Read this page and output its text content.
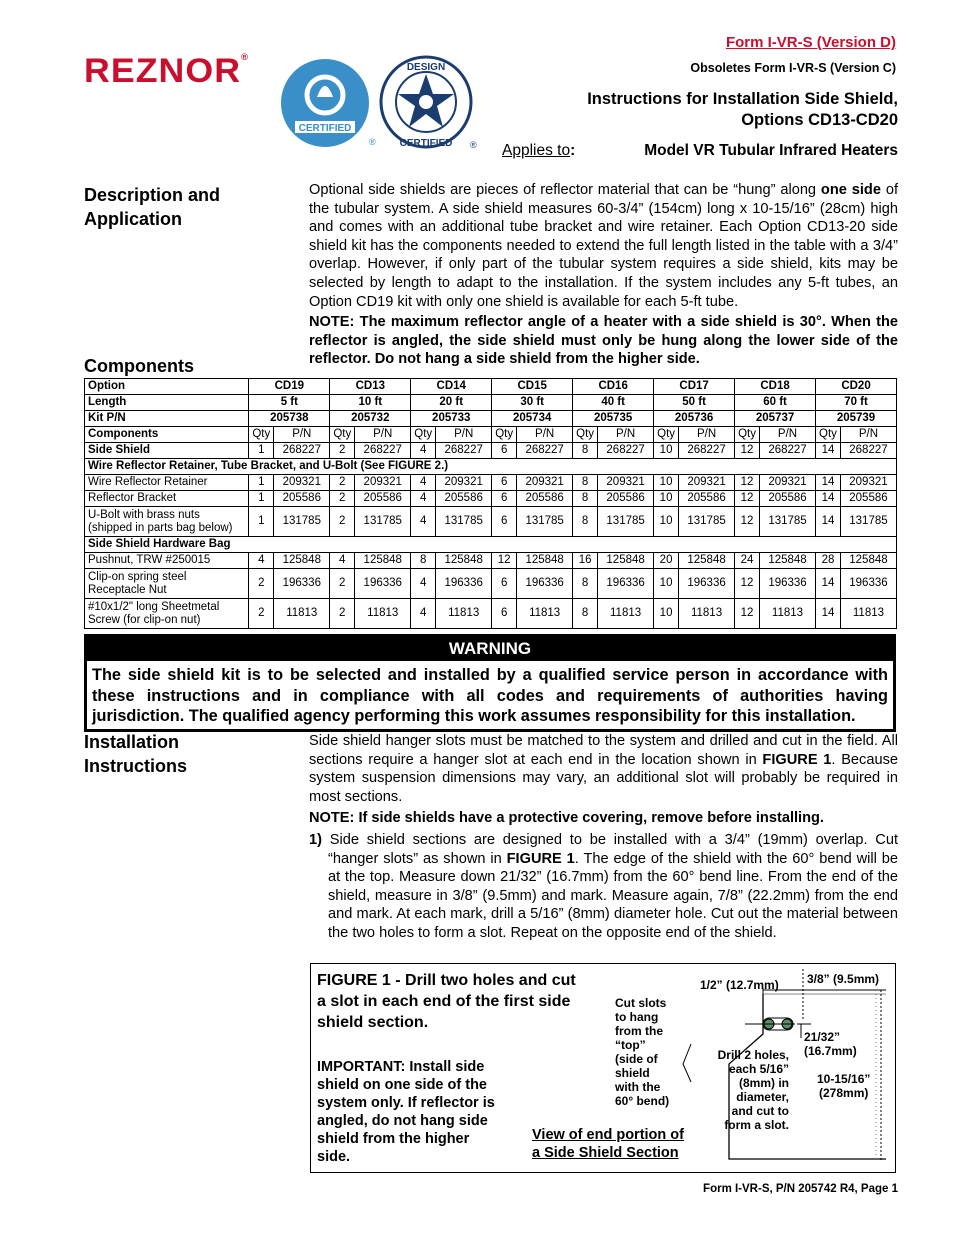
REZNOR®
CERTIFIED
®
DESIGN
CERTIFIED ®
Form I-VR-S (Version D)
Obsoletes Form I-VR-S (Version C)
Instructions for Installation Side Shield,
Options CD13-CD20
Applies to:	Model VR Tubular Infrared Heaters
Description and
Application
Optional side shields are pieces of reflector material that can be “hung” along one side of the tubular system. A side shield measures 60-3/4” (154cm) long x 10-15/16” (28cm) high and comes with an additional tube bracket and wire retainer. Each Option CD13-20 side shield kit has the components needed to extend the full length listed in the table with a 3/4” overlap. However, if only part of the tubular system requires a side shield, kits may be selected by length to adapt to the installation. If the system includes any 5-ft tubes, an Option CD19 kit with only one shield is available for each 5-ft tube.
NOTE: The maximum reflector angle of a heater with a side shield is 30°. When the reflector is angled, the side shield must only be hung along the lower side of the reflector. Do not hang a side shield from the higher side.
Components
Option	CD19		CD13		CD14		CD15		CD16		CD17		CD18		CD20	
Length	5 ft		10 ft		20 ft		30 ft		40 ft		50 ft		60 ft		70 ft	
Kit P/N	205738		205732		205733		205734		205735		205736		205737		205739	
Components	Qty	P/N	Qty	P/N	Qty	P/N	Qty	P/N	Qty	P/N	Qty	P/N	Qty	P/N	Qty	P/N
Side Shield	1	268227	2	268227	4	268227	6	268227	8	268227	10	268227	12	268227	14	268227
Wire Reflector Retainer, Tube Bracket, and U-Bolt (See FIGURE 2.)																

Wire Reflector Retainer	1	209321	2	209321	4	209321	6	209321	8	209321	10	209321	12	209321	14	209321

Reflector Bracket	1	205586	2	205586	4	205586	6	205586	8	205586	10	205586	12	205586	14	205586

U-Bolt with brass nuts
(shipped in parts bag below)	1	131785	2	131785	4	131785	6	131785	8	131785	10	131785	12	131785	14	131785
Side Shield Hardware Bag																

Pushnut, TRW #250015	4	125848	4	125848	8	125848	12	125848	16	125848	20	125848	24	125848	28	125848

Clip-on spring steel
Receptacle Nut	2	196336	2	196336	4	196336	6	196336	8	196336	10	196336	12	196336	14	196336

#10x1/2" long Sheetmetal
Screw (for clip-on nut)	2	11813	2	11813	4	11813	6	11813	8	11813	10	11813	12	11813	14	11813
WARNING
The side shield kit is to be selected and installed by a qualified service person in accordance with these instructions and in compliance with all codes and requirements of authorities having jurisdiction. The qualified agency performing this work assumes responsibility for this installation.
Installation
Instructions
Side shield hanger slots must be matched to the system and drilled and cut in the field. All sections require a hanger slot at each end in the location shown in FIGURE 1. Because system suspension dimensions may vary, an additional slot will probably be required in most sections.
NOTE: If side shields have a protective covering, remove before installing.
1) Side shield sections are designed to be installed with a 3/4” (19mm) overlap. Cut “hanger slots” as shown in FIGURE 1. The edge of the shield with the 60° bend will be at the top. Measure down 21/32” (16.7mm) from the 60° bend line. From the end of the shield, measure in 3/8” (9.5mm) and mark. Measure again, 7/8” (22.2mm) from the end and mark. At each mark, drill a 5/16” (8mm) diameter hole. Cut out the material between the two holes to form a slot. Repeat on the opposite end of the shield.
FIGURE 1 - Drill two holes and cut a slot in each end of the first side shield section.
IMPORTANT: Install side shield on one side of the system only. If reflector is angled, do not hang side shield from the higher side.
1/2” (12.7mm) 3/8” (9.5mm)
21/32”
(16.7mm)
10-15/16”
(278mm)
Cut slots
to hang
from the
“top”
(side of
shield
with the
60° bend)
Drill 2 holes,
each 5/16”
(8mm) in
diameter,
and cut to
form a slot.
View of end portion of
a Side Shield Section
Form I-VR-S, P/N 205742 R4, Page 1
